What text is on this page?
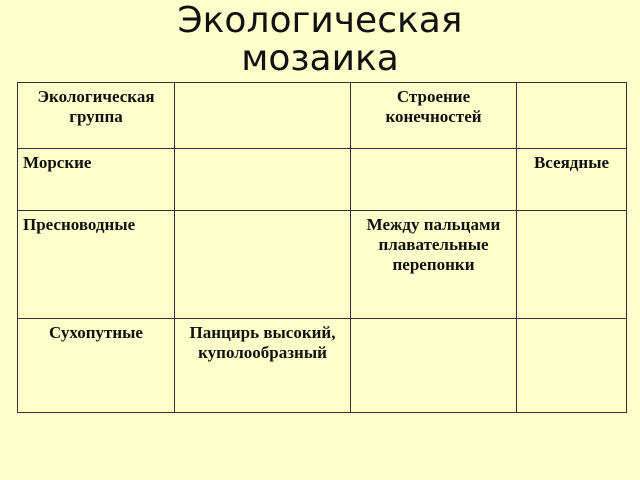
Экологическая
мозаика
Экологическая группа		Строение конечностей	
Морские			Всеядные
Пресноводные		Между пальцами плавательные перепонки	
Сухопутные	Панцирь высокий, куполообразный		
